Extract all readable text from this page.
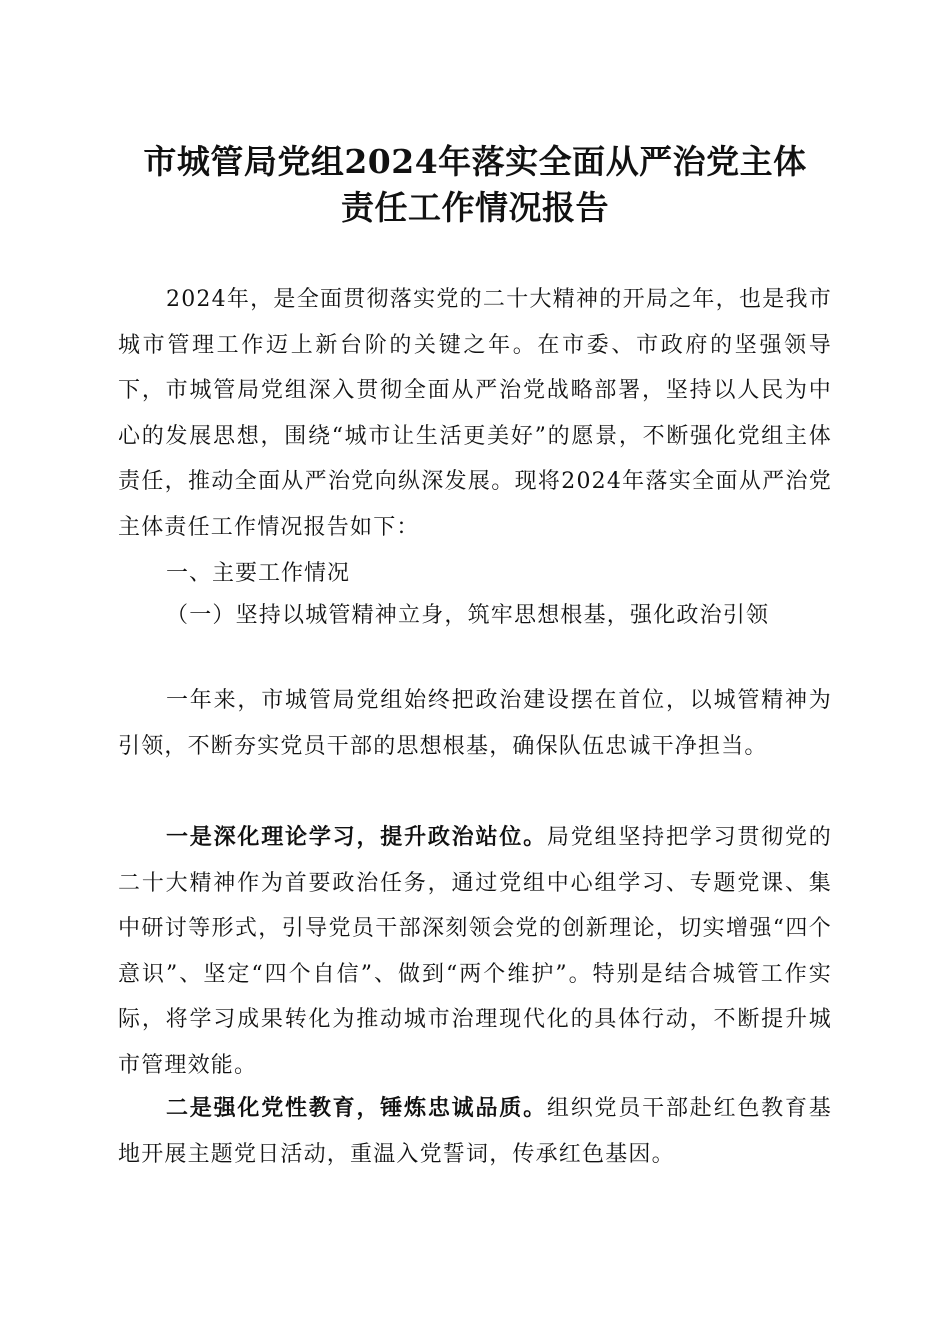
市城管局党组2024年落实全面从严治党主体
责任工作情况报告

2024年，是全面贯彻落实党的二十大精神的开局之年，也是我市城市管理工作迈上新台阶的关键之年。在市委、市政府的坚强领导下，市城管局党组深入贯彻全面从严治党战略部署，坚持以人民为中心的发展思想，围绕“城市让生活更美好”的愿景，不断强化党组主体责任，推动全面从严治党向纵深发展。现将2024年落实全面从严治党主体责任工作情况报告如下：

一、主要工作情况

（一）坚持以城管精神立身，筑牢思想根基，强化政治引领

一年来，市城管局党组始终把政治建设摆在首位，以城管精神为引领，不断夯实党员干部的思想根基，确保队伍忠诚干净担当。

一是深化理论学习，提升政治站位。局党组坚持把学习贯彻党的二十大精神作为首要政治任务，通过党组中心组学习、专题党课、集中研讨等形式，引导党员干部深刻领会党的创新理论，切实增强“四个意识”、坚定“四个自信”、做到“两个维护”。特别是结合城管工作实际，将学习成果转化为推动城市治理现代化的具体行动，不断提升城市管理效能。

二是强化党性教育，锤炼忠诚品质。组织党员干部赴红色教育基地开展主题党日活动，重温入党誓词，传承红色基因。
